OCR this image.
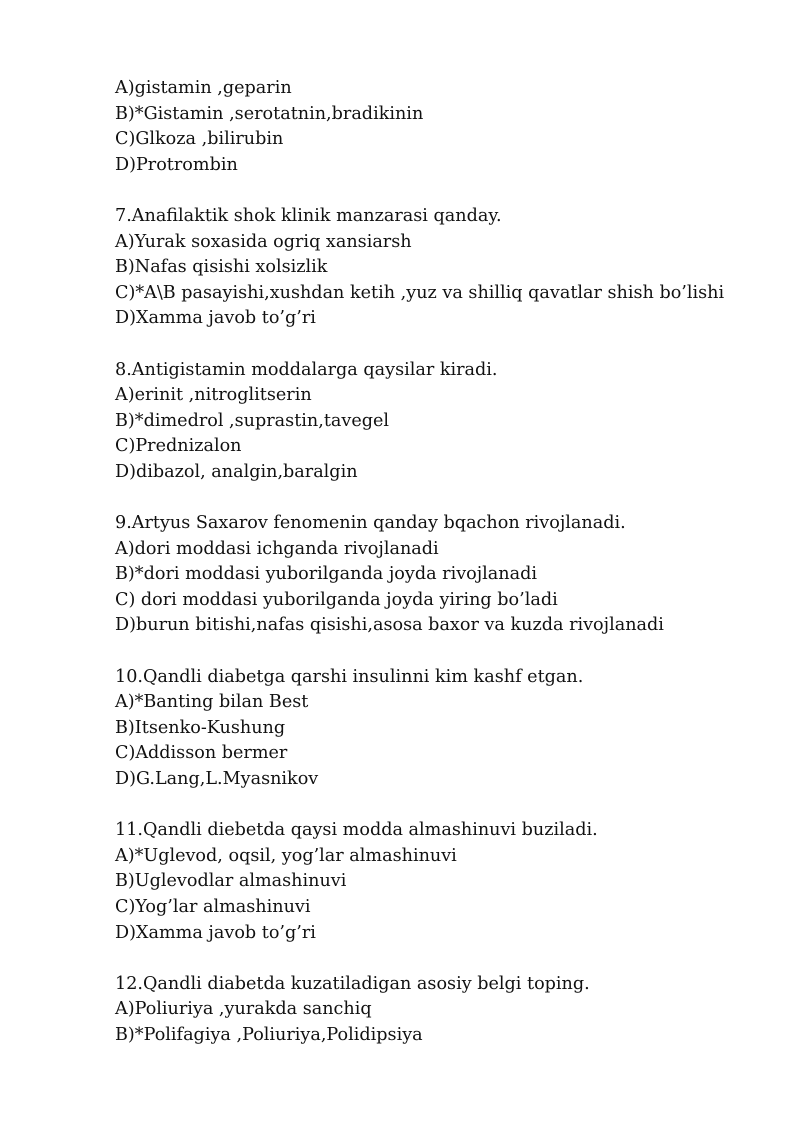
A)gistamin ,geparin
B)*Gistamin ,serotatnin,bradikinin
C)Glkoza ,bilirubin
D)Protrombin
7.Anafilaktik shok klinik manzarasi qanday.
A)Yurak soxasida ogriq xansiarsh
B)Nafas qisishi xolsizlik
C)*A\B pasayishi,xushdan ketih ,yuz va shilliq qavatlar shish bo’lishi
D)Xamma javob to’g’ri
8.Antigistamin moddalarga qaysilar kiradi.
A)erinit ,nitroglitserin
B)*dimedrol ,suprastin,tavegel
C)Prednizalon
D)dibazol, analgin,baralgin
9.Artyus Saxarov fenomenin qanday bqachon rivojlanadi.
A)dori moddasi ichganda rivojlanadi
B)*dori moddasi yuborilganda joyda rivojlanadi
C) dori moddasi yuborilganda joyda yiring bo’ladi
D)burun bitishi,nafas qisishi,asosa baxor va kuzda rivojlanadi
10.Qandli diabetga qarshi insulinni kim kashf etgan.
A)*Banting bilan Best
B)Itsenko-Kushung
C)Addisson bermer
D)G.Lang,L.Myasnikov
11.Qandli diebetda qaysi modda almashinuvi buziladi.
A)*Uglevod, oqsil, yog’lar almashinuvi
B)Uglevodlar almashinuvi
C)Yog’lar almashinuvi
D)Xamma javob to’g’ri
12.Qandli diabetda kuzatiladigan asosiy belgi toping.
A)Poliuriya ,yurakda sanchiq
B)*Polifagiya ,Poliuriya,Polidipsiya
